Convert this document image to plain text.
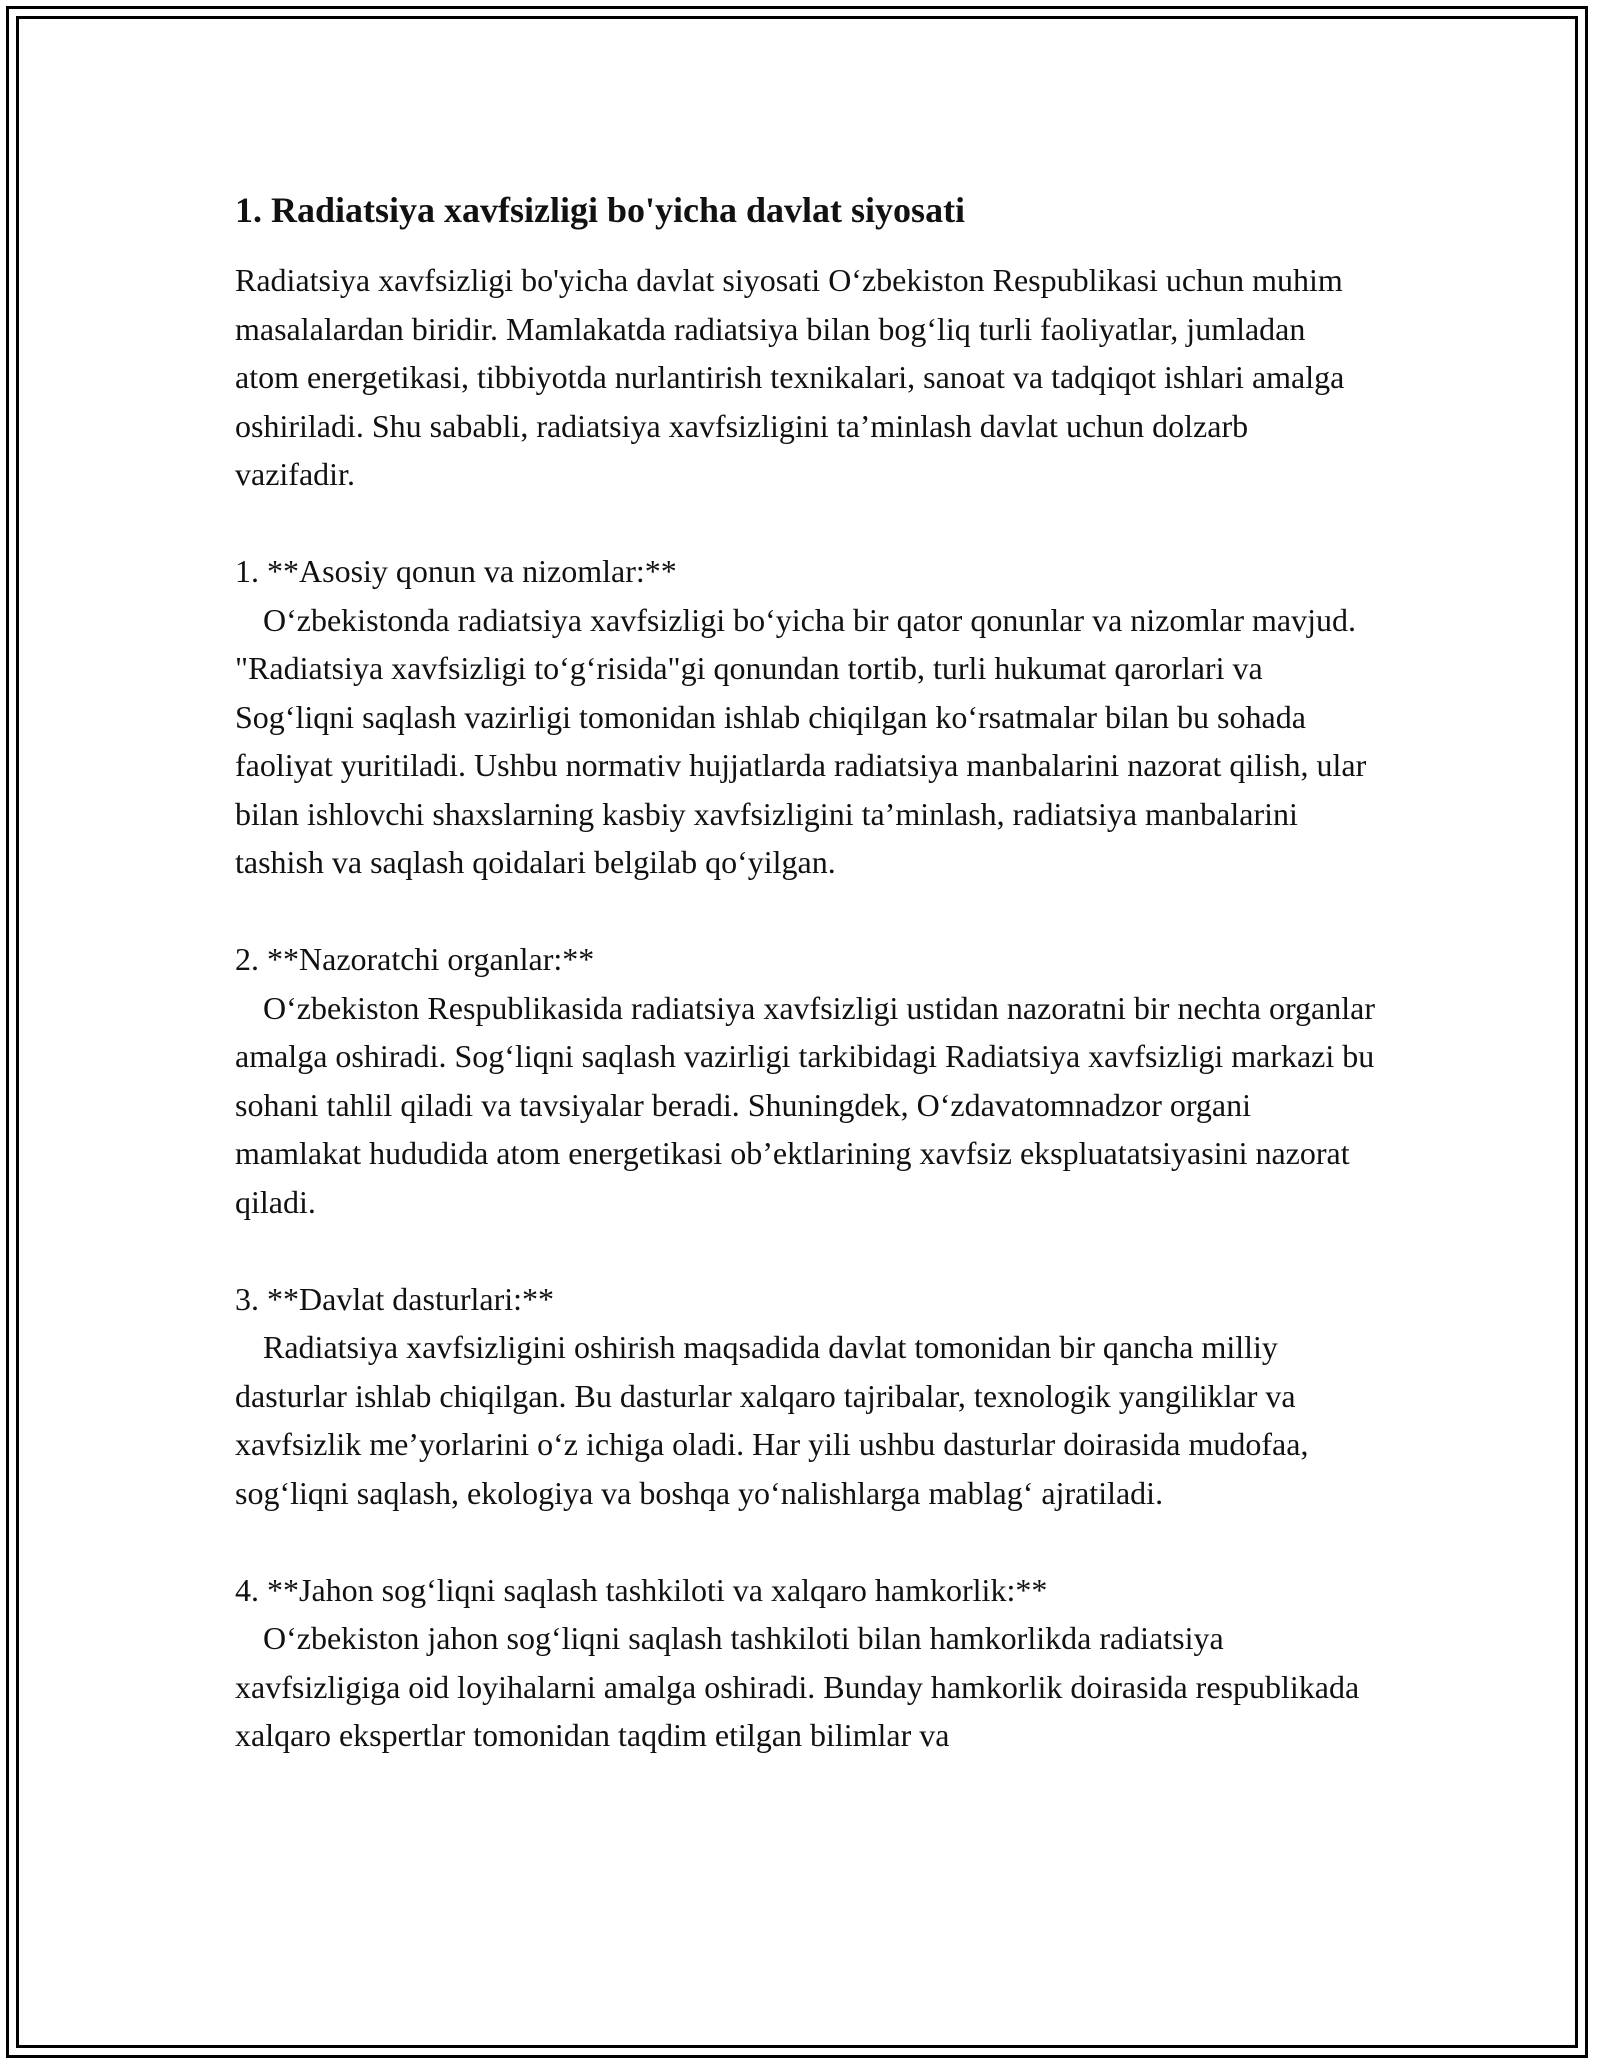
1. Radiatsiya xavfsizligi bo'yicha davlat siyosati

Radiatsiya xavfsizligi bo'yicha davlat siyosati O‘zbekiston Respublikasi uchun muhim masalalardan biridir. Mamlakatda radiatsiya bilan bog‘liq turli faoliyatlar, jumladan atom energetikasi, tibbiyotda nurlantirish texnikalari, sanoat va tadqiqot ishlari amalga oshiriladi. Shu sababli, radiatsiya xavfsizligini ta’minlash davlat uchun dolzarb vazifadir.

1. **Asosiy qonun va nizomlar:**

O‘zbekistonda radiatsiya xavfsizligi bo‘yicha bir qator qonunlar va nizomlar mavjud. "Radiatsiya xavfsizligi to‘g‘risida"gi qonundan tortib, turli hukumat qarorlari va Sog‘liqni saqlash vazirligi tomonidan ishlab chiqilgan ko‘rsatmalar bilan bu sohada faoliyat yuritiladi. Ushbu normativ hujjatlarda radiatsiya manbalarini nazorat qilish, ular bilan ishlovchi shaxslarning kasbiy xavfsizligini ta’minlash, radiatsiya manbalarini tashish va saqlash qoidalari belgilab qo‘yilgan.

2. **Nazoratchi organlar:**

O‘zbekiston Respublikasida radiatsiya xavfsizligi ustidan nazoratni bir nechta organlar amalga oshiradi. Sog‘liqni saqlash vazirligi tarkibidagi Radiatsiya xavfsizligi markazi bu sohani tahlil qiladi va tavsiyalar beradi. Shuningdek, O‘zdavatomnadzor organi mamlakat hududida atom energetikasi ob’ektlarining xavfsiz ekspluatatsiyasini nazorat qiladi.

3. **Davlat dasturlari:**

Radiatsiya xavfsizligini oshirish maqsadida davlat tomonidan bir qancha milliy dasturlar ishlab chiqilgan. Bu dasturlar xalqaro tajribalar, texnologik yangiliklar va xavfsizlik me’yorlarini o‘z ichiga oladi. Har yili ushbu dasturlar doirasida mudofaa, sog‘liqni saqlash, ekologiya va boshqa yo‘nalishlarga mablag‘ ajratiladi.

4. **Jahon sog‘liqni saqlash tashkiloti va xalqaro hamkorlik:**

O‘zbekiston jahon sog‘liqni saqlash tashkiloti bilan hamkorlikda radiatsiya xavfsizligiga oid loyihalarni amalga oshiradi. Bunday hamkorlik doirasida respublikada xalqaro ekspertlar tomonidan taqdim etilgan bilimlar va
